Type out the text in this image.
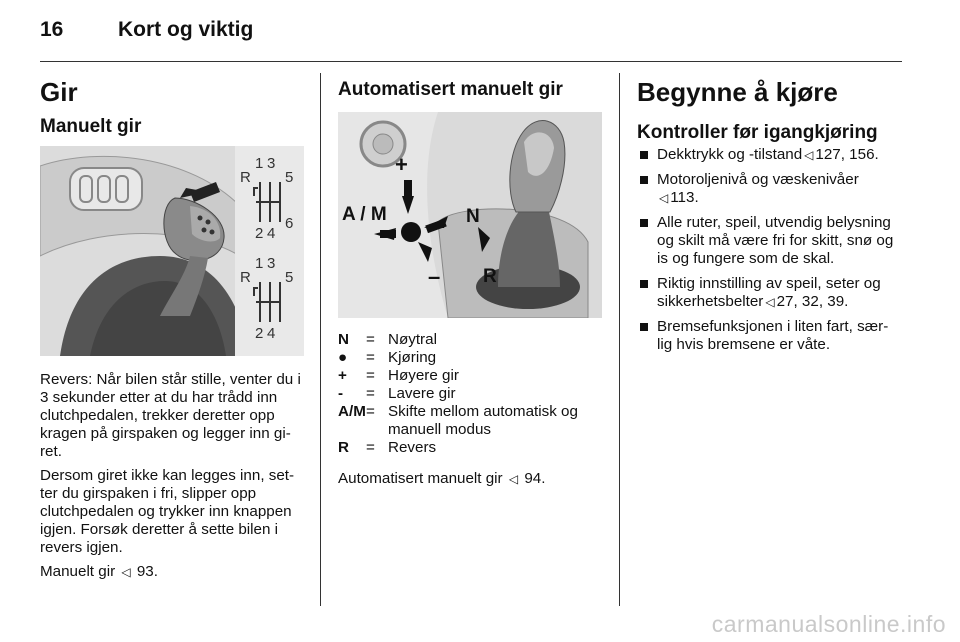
16	Kort og viktig
Gir
Manuelt gir
R
1 3
5
2 4
6
R
1 3
5
2 4

Revers: Når bilen står stille, venter du i 3 sekunder etter at du har trådd inn clutchpedalen, trekker deretter opp kragen på girspaken og legger inn gi-ret.

Dersom giret ikke kan legges inn, set-ter du girspaken i fri, slipper opp clutchpedalen og trykker inn knappen igjen. Forsøk deretter å sette bilen i revers igjen.

Manuelt gir ◁ 93.

Automatisert manuelt gir
+
A / M	N
– R
N	= Nøytral
●	= Kjøring
+	= Høyere gir
-	= Lavere gir
A/M = Skifte mellom automatisk og manuell modus
R	= Revers

Automatisert manuelt gir ◁ 94.

Begynne å kjøre
Kontroller før igangkjøring
Dekktrykk og -tilstand ◁ 127, 156.
Motoroljenivå og væskenivåer
◁ 113.
Alle ruter, speil, utvendig belysning og skilt må være fri for skitt, snø og is og fungere som de skal.
Riktig innstilling av speil, seter og sikkerhetsbelter ◁ 27, 32, 39.
Bremsefunksjonen i liten fart, sær-lig hvis bremsene er våte.
carmanualsonline.info
